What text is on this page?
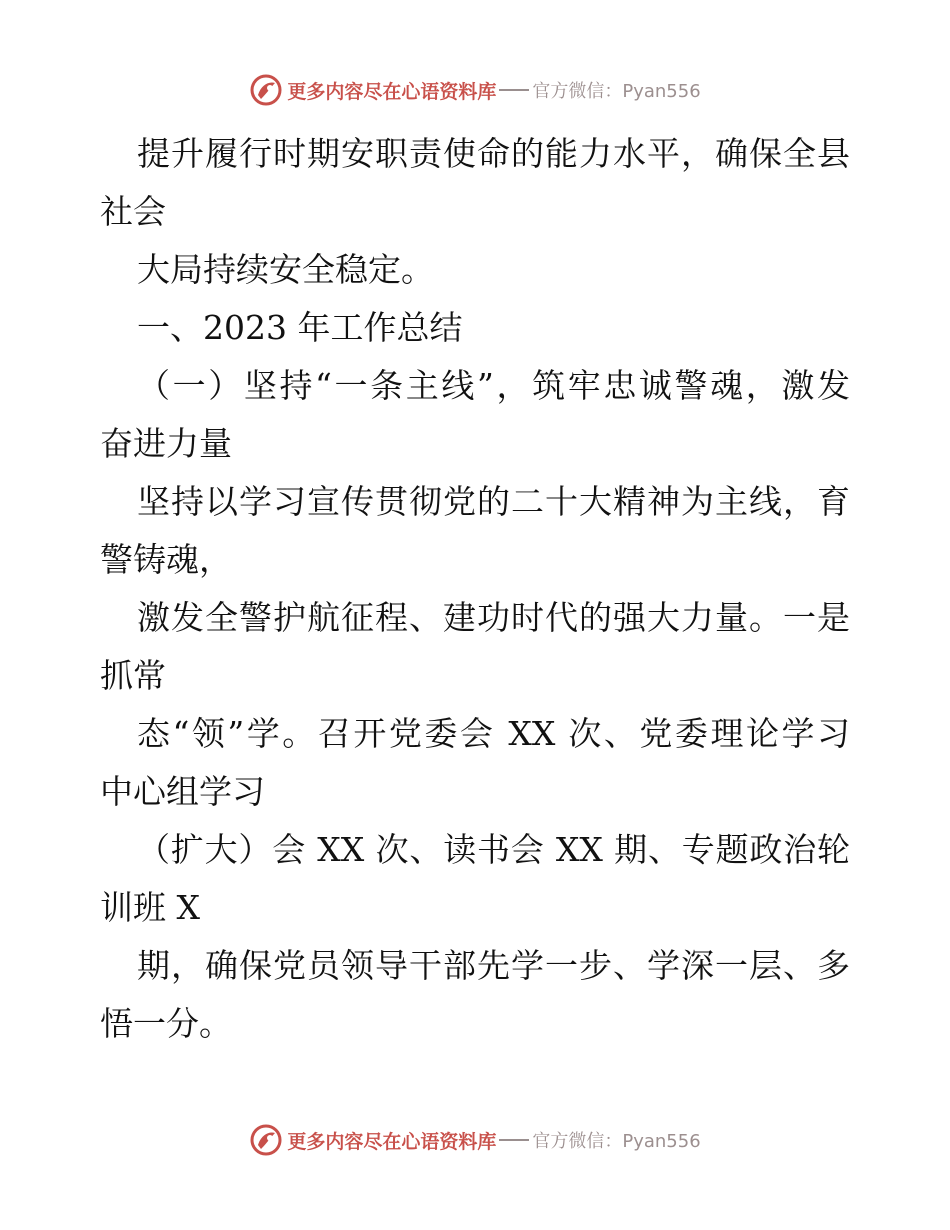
更多内容尽在心语资料库 官方微信：Pyan556
提升履行时期安职责使命的能力水平，确保全县
社会
大局持续安全稳定。
一、2023 年工作总结
（一）坚持“一条主线”，筑牢忠诚警魂，激发
奋进力量
坚持以学习宣传贯彻党的二十大精神为主线，育
警铸魂，
激发全警护航征程、建功时代的强大力量。一是
抓常
态“领”学。召开党委会 XX 次、党委理论学习
中心组学习
（扩大）会 XX 次、读书会 XX 期、专题政治轮
训班 X
期，确保党员领导干部先学一步、学深一层、多
悟一分。
更多内容尽在心语资料库 官方微信：Pyan556
